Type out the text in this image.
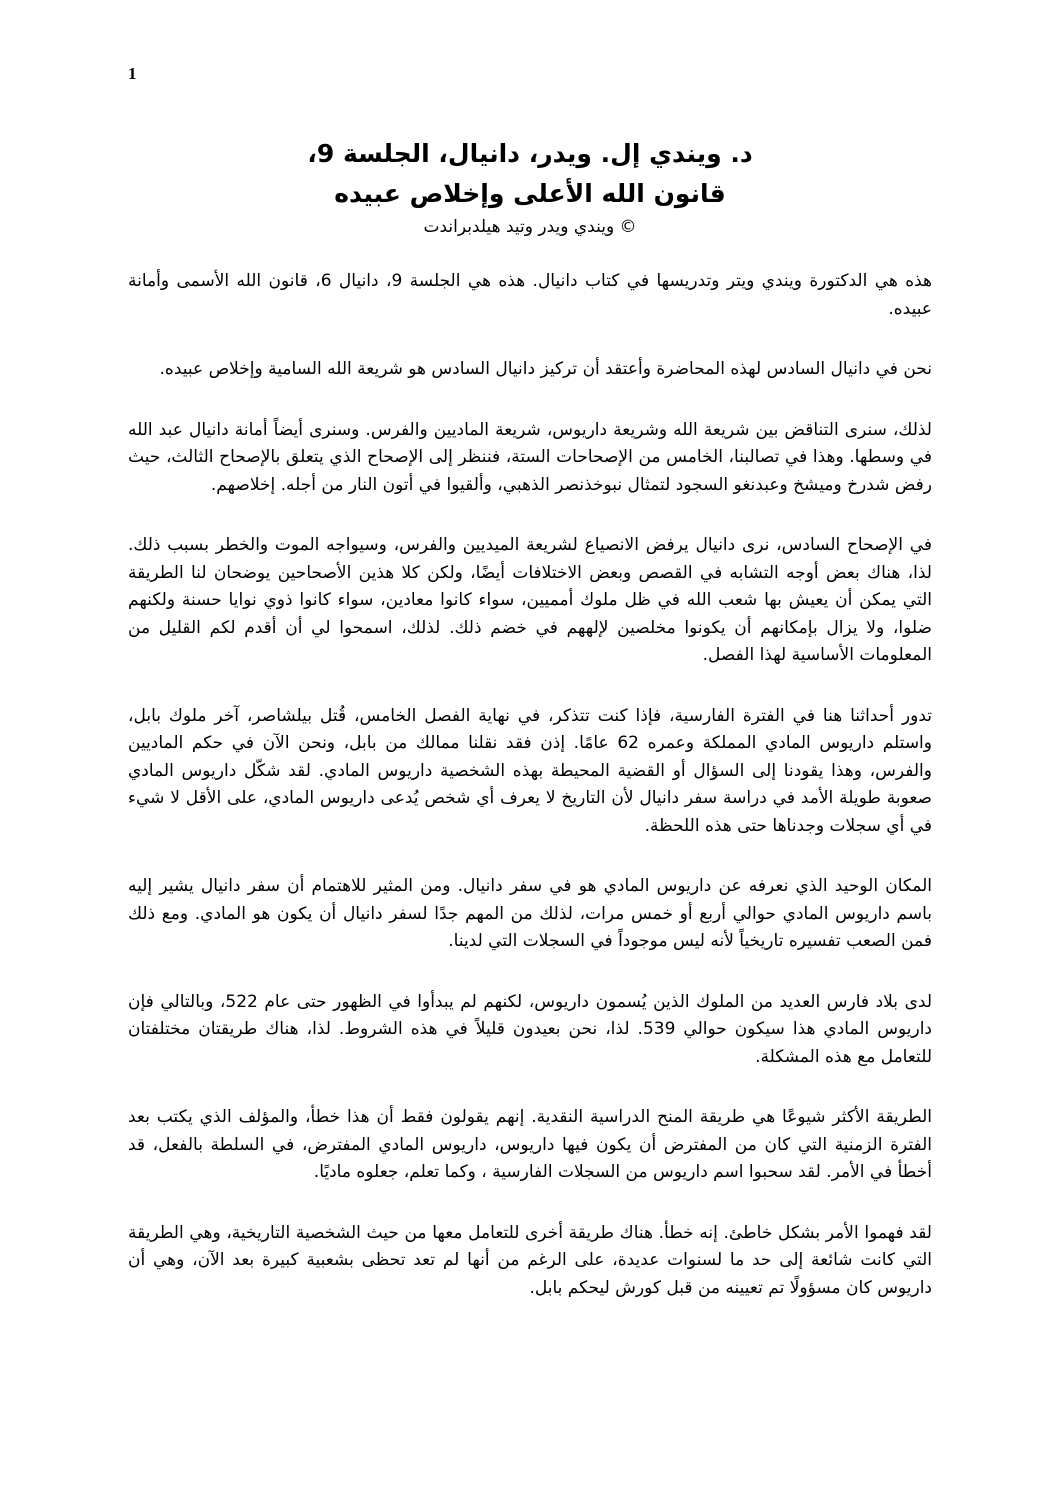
1
د. ويندي إل. ويدر، دانيال، الجلسة 9،
قانون الله الأعلى وإخلاص عبيده
© ويندي ويدر وتيد هيلدبراندت

هذه هي الدكتورة ويندي ويتر وتدريسها في كتاب دانيال. هذه هي الجلسة 9، دانيال 6، قانون الله الأسمى وأمانة عبيده.

نحن في دانيال السادس لهذه المحاضرة وأعتقد أن تركيز دانيال السادس هو شريعة الله السامية وإخلاص عبيده.

لذلك، سنرى التناقض بين شريعة الله وشريعة داريوس، شريعة الماديين والفرس. وسنرى أيضاً أمانة دانيال عبد الله في وسطها. وهذا في تصالبنا، الخامس من الإصحاحات الستة، فننظر إلى الإصحاح الذي يتعلق بالإصحاح الثالث، حيث رفض شدرخ وميشخ وعبدنغو السجود لتمثال نبوخذنصر الذهبي، وألقيوا في أتون النار من أجله. إخلاصهم.

في الإصحاح السادس، نرى دانيال يرفض الانصياع لشريعة الميديين والفرس، وسيواجه الموت والخطر بسبب ذلك. لذا، هناك بعض أوجه التشابه في القصص وبعض الاختلافات أيضًا، ولكن كلا هذين الأصحاحين يوضحان لنا الطريقة التي يمكن أن يعيش بها شعب الله في ظل ملوك أمميين، سواء كانوا معادين، سواء كانوا ذوي نوايا حسنة ولكنهم ضلوا، ولا يزال بإمكانهم أن يكونوا مخلصين لإلههم في خضم ذلك. لذلك، اسمحوا لي أن أقدم لكم القليل من المعلومات الأساسية لهذا الفصل.

تدور أحداثنا هنا في الفترة الفارسية، فإذا كنت تتذكر، في نهاية الفصل الخامس، قُتل بيلشاصر، آخر ملوك بابل، واستلم داريوس المادي المملكة وعمره 62 عامًا. إذن فقد نقلنا ممالك من بابل، ونحن الآن في حكم الماديين والفرس، وهذا يقودنا إلى السؤال أو القضية المحيطة بهذه الشخصية داريوس المادي. لقد شكّل داريوس المادي صعوبة طويلة الأمد في دراسة سفر دانيال لأن التاريخ لا يعرف أي شخص يُدعى داريوس المادي، على الأقل لا شيء في أي سجلات وجدناها حتى هذه اللحظة.

المكان الوحيد الذي نعرفه عن داريوس المادي هو في سفر دانيال. ومن المثير للاهتمام أن سفر دانيال يشير إليه باسم داريوس المادي حوالي أربع أو خمس مرات، لذلك من المهم جدًا لسفر دانيال أن يكون هو المادي. ومع ذلك فمن الصعب تفسيره تاريخياً لأنه ليس موجوداً في السجلات التي لدينا.

لدى بلاد فارس العديد من الملوك الذين يُسمون داريوس، لكنهم لم يبدأوا في الظهور حتى عام 522، وبالتالي فإن داريوس المادي هذا سيكون حوالي 539. لذا، نحن بعيدون قليلاً في هذه الشروط. لذا، هناك طريقتان مختلفتان للتعامل مع هذه المشكلة.

الطريقة الأكثر شيوعًا هي طريقة المنح الدراسية النقدية. إنهم يقولون فقط أن هذا خطأ، والمؤلف الذي يكتب بعد الفترة الزمنية التي كان من المفترض أن يكون فيها داريوس، داريوس المادي المفترض، في السلطة بالفعل، قد أخطأ في الأمر. لقد سحبوا اسم داريوس من السجلات الفارسية ، وكما تعلم، جعلوه ماديًا.

لقد فهموا الأمر بشكل خاطئ. إنه خطأ. هناك طريقة أخرى للتعامل معها من حيث الشخصية التاريخية، وهي الطريقة التي كانت شائعة إلى حد ما لسنوات عديدة، على الرغم من أنها لم تعد تحظى بشعبية كبيرة بعد الآن، وهي أن داريوس كان مسؤولًا تم تعيينه من قبل كورش ليحكم بابل.
